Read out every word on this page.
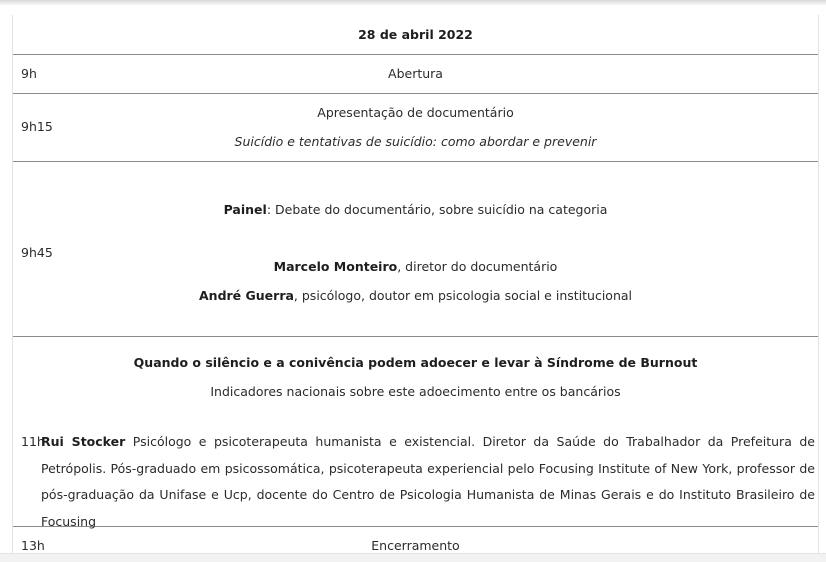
28 de abril 2022
9h	Abertura
9h15
Apresentação de documentário
Suicídio e tentativas de suicídio: como abordar e prevenir
9h45
Painel: Debate do documentário, sobre suicídio na categoria
Marcelo Monteiro, diretor do documentário
André Guerra, psicólogo, doutor em psicologia social e institucional
11h
Quando o silêncio e a conivência podem adoecer e levar à Síndrome de Burnout
Indicadores nacionais sobre este adoecimento entre os bancários
Rui Stocker Psicólogo e psicoterapeuta humanista e existencial. Diretor da Saúde do Trabalhador da Prefeitura de Petrópolis. Pós-graduado em psicossomática, psicoterapeuta experiencial pelo Focusing Institute of New York, professor de pós-graduação da Unifase e Ucp, docente do Centro de Psicologia Humanista de Minas Gerais e do Instituto Brasileiro de Focusing
13h	Encerramento
